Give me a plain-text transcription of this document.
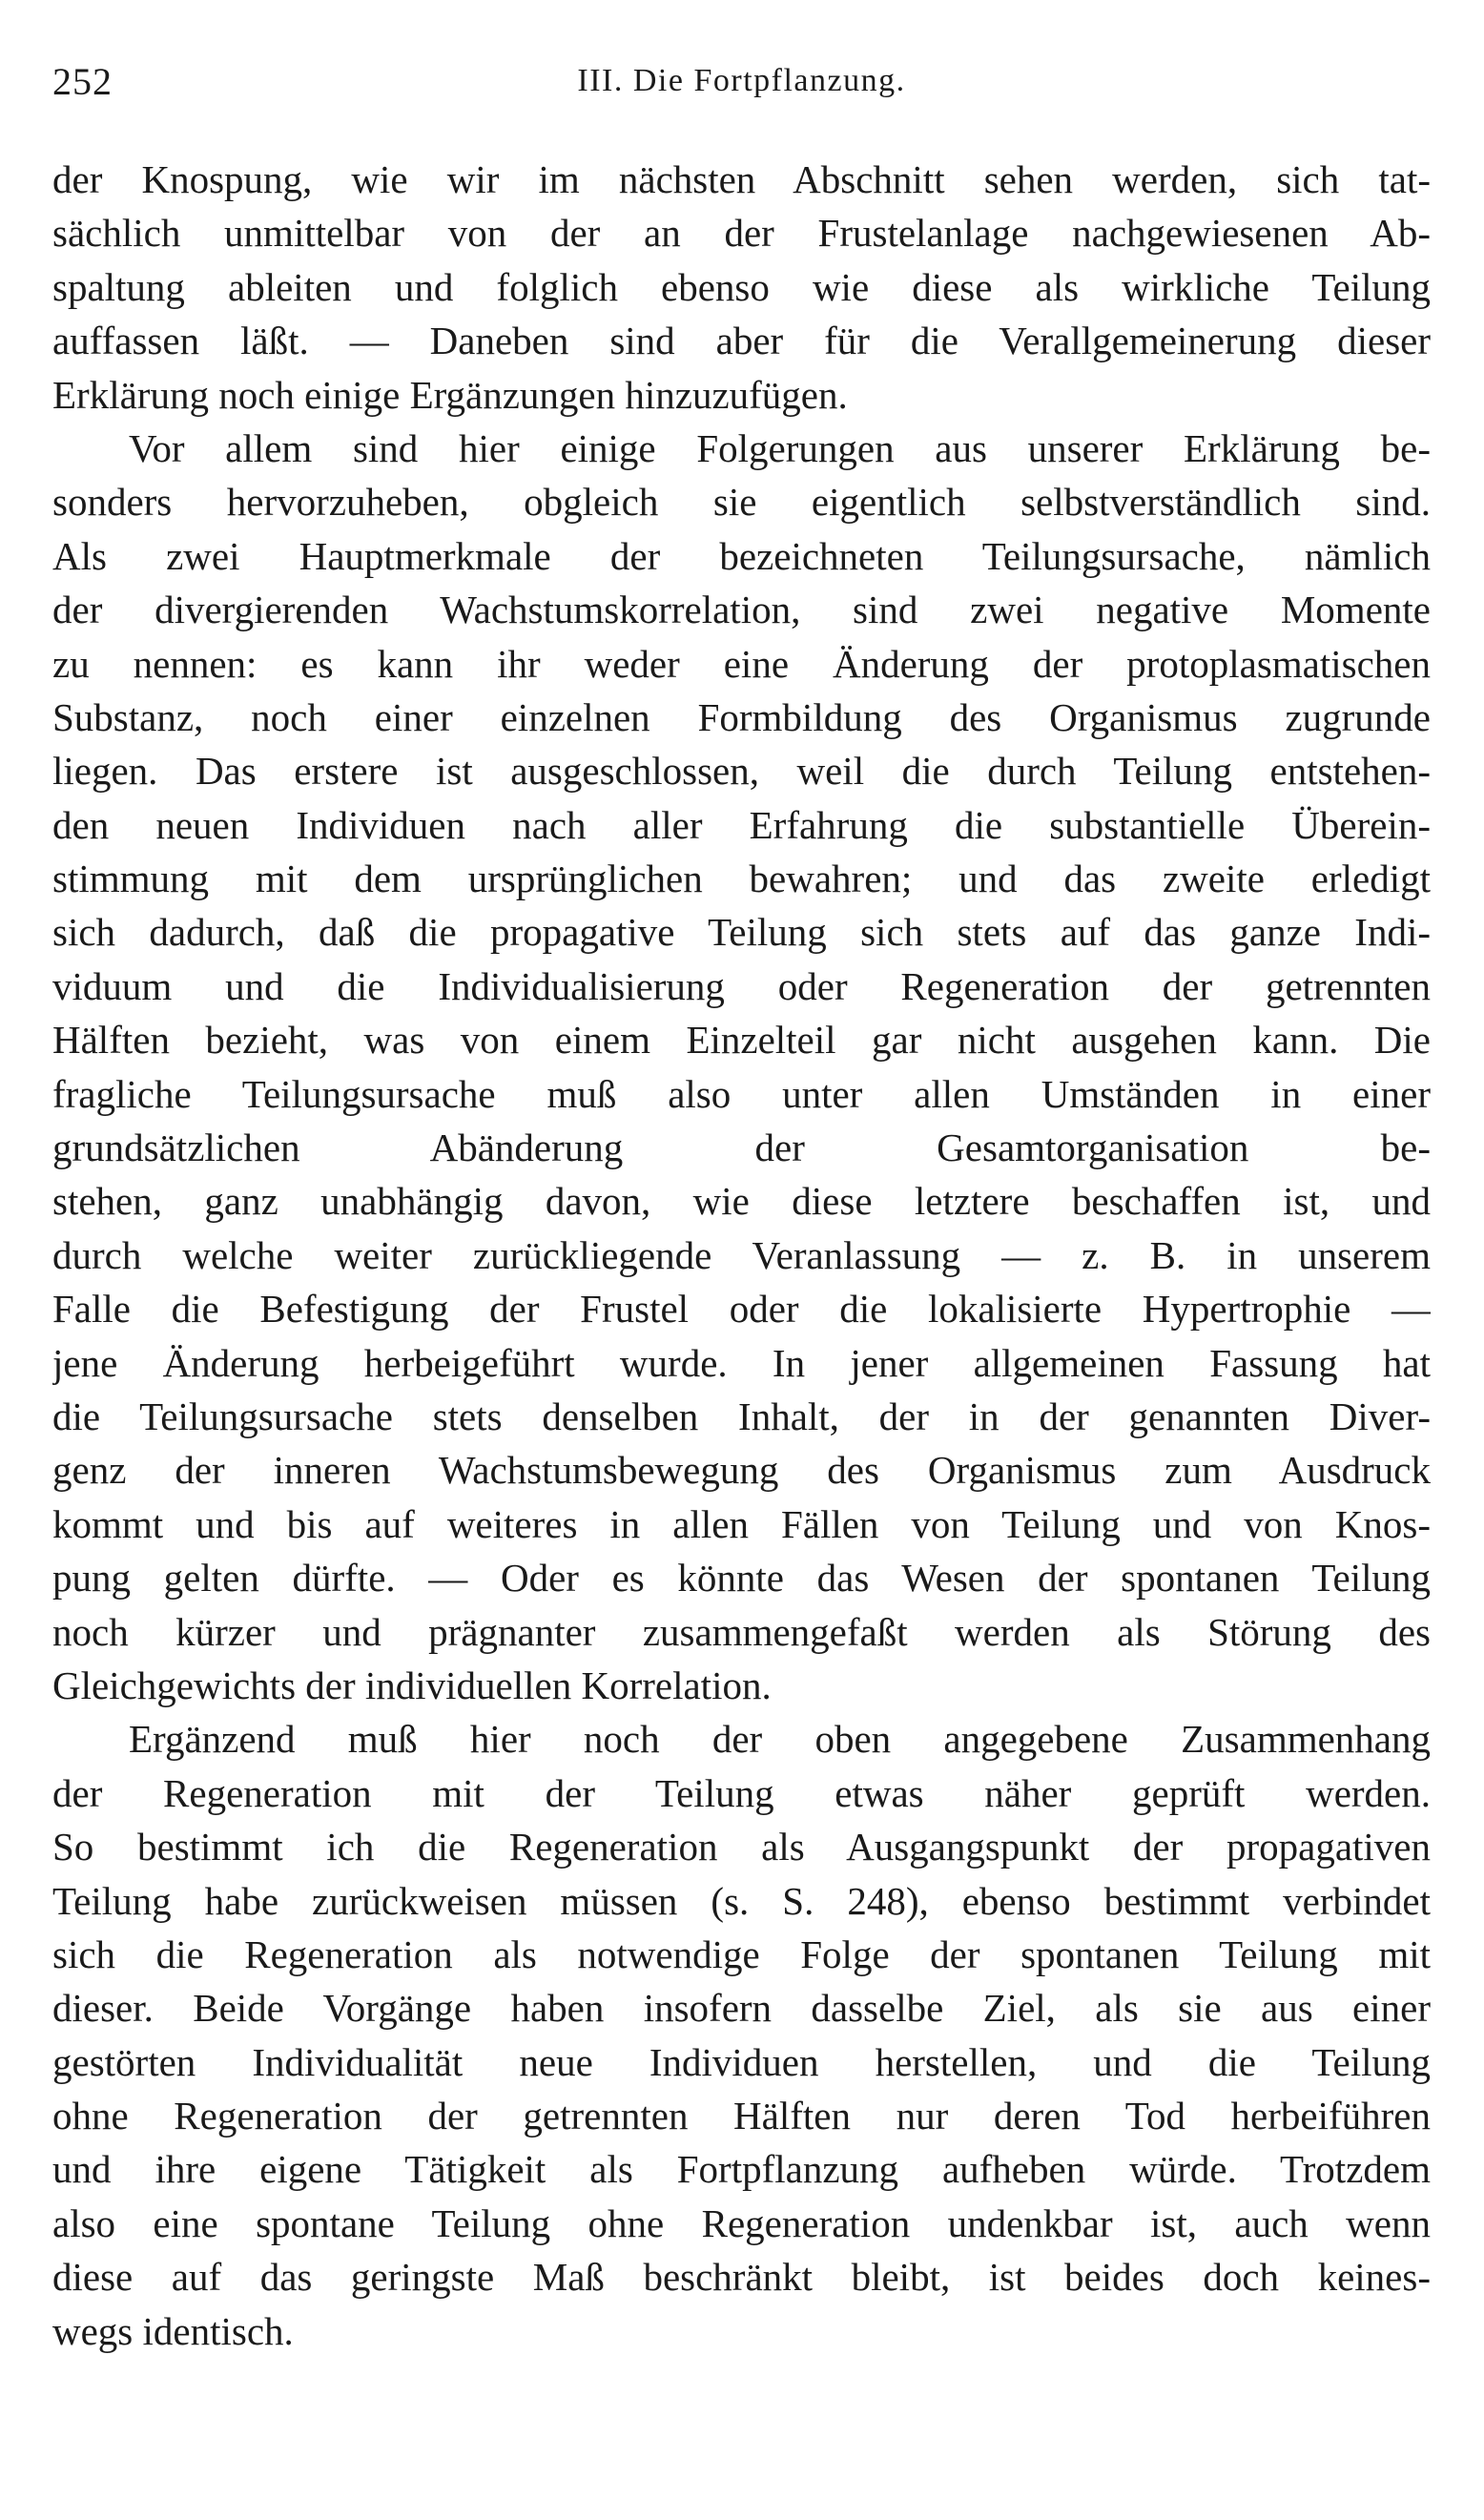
252	III. Die Fortpflanzung.
der Knospung, wie wir im nächsten Abschnitt sehen werden, sich tat-
sächlich unmittelbar von der an der Frustelanlage nachgewiesenen Ab-
spaltung ableiten und folglich ebenso wie diese als wirkliche Teilung
auffassen läßt. — Daneben sind aber für die Verallgemeinerung dieser
Erklärung noch einige Ergänzungen hinzuzufügen.
Vor allem sind hier einige Folgerungen aus unserer Erklärung be-
sonders hervorzuheben, obgleich sie eigentlich selbstverständlich sind.
Als zwei Hauptmerkmale der bezeichneten Teilungsursache, nämlich
der divergierenden Wachstumskorrelation, sind zwei negative Momente
zu nennen: es kann ihr weder eine Änderung der protoplasmatischen
Substanz, noch einer einzelnen Formbildung des Organismus zugrunde
liegen. Das erstere ist ausgeschlossen, weil die durch Teilung entstehen-
den neuen Individuen nach aller Erfahrung die substantielle Überein-
stimmung mit dem ursprünglichen bewahren; und das zweite erledigt
sich dadurch, daß die propagative Teilung sich stets auf das ganze Indi-
viduum und die Individualisierung oder Regeneration der getrennten
Hälften bezieht, was von einem Einzelteil gar nicht ausgehen kann. Die
fragliche Teilungsursache muß also unter allen Umständen in einer
grundsätzlichen Abänderung der Gesamtorganisation be-
stehen, ganz unabhängig davon, wie diese letztere beschaffen ist, und
durch welche weiter zurückliegende Veranlassung — z. B. in unserem
Falle die Befestigung der Frustel oder die lokalisierte Hypertrophie —
jene Änderung herbeigeführt wurde. In jener allgemeinen Fassung hat
die Teilungsursache stets denselben Inhalt, der in der genannten Diver-
genz der inneren Wachstumsbewegung des Organismus zum Ausdruck
kommt und bis auf weiteres in allen Fällen von Teilung und von Knos-
pung gelten dürfte. — Oder es könnte das Wesen der spontanen Teilung
noch kürzer und prägnanter zusammengefaßt werden als Störung des
Gleichgewichts der individuellen Korrelation.
Ergänzend muß hier noch der oben angegebene Zusammenhang
der Regeneration mit der Teilung etwas näher geprüft werden.
So bestimmt ich die Regeneration als Ausgangspunkt der propagativen
Teilung habe zurückweisen müssen (s. S. 248), ebenso bestimmt verbindet
sich die Regeneration als notwendige Folge der spontanen Teilung mit
dieser. Beide Vorgänge haben insofern dasselbe Ziel, als sie aus einer
gestörten Individualität neue Individuen herstellen, und die Teilung
ohne Regeneration der getrennten Hälften nur deren Tod herbeiführen
und ihre eigene Tätigkeit als Fortpflanzung aufheben würde. Trotzdem
also eine spontane Teilung ohne Regeneration undenkbar ist, auch wenn
diese auf das geringste Maß beschränkt bleibt, ist beides doch keines-
wegs identisch.
